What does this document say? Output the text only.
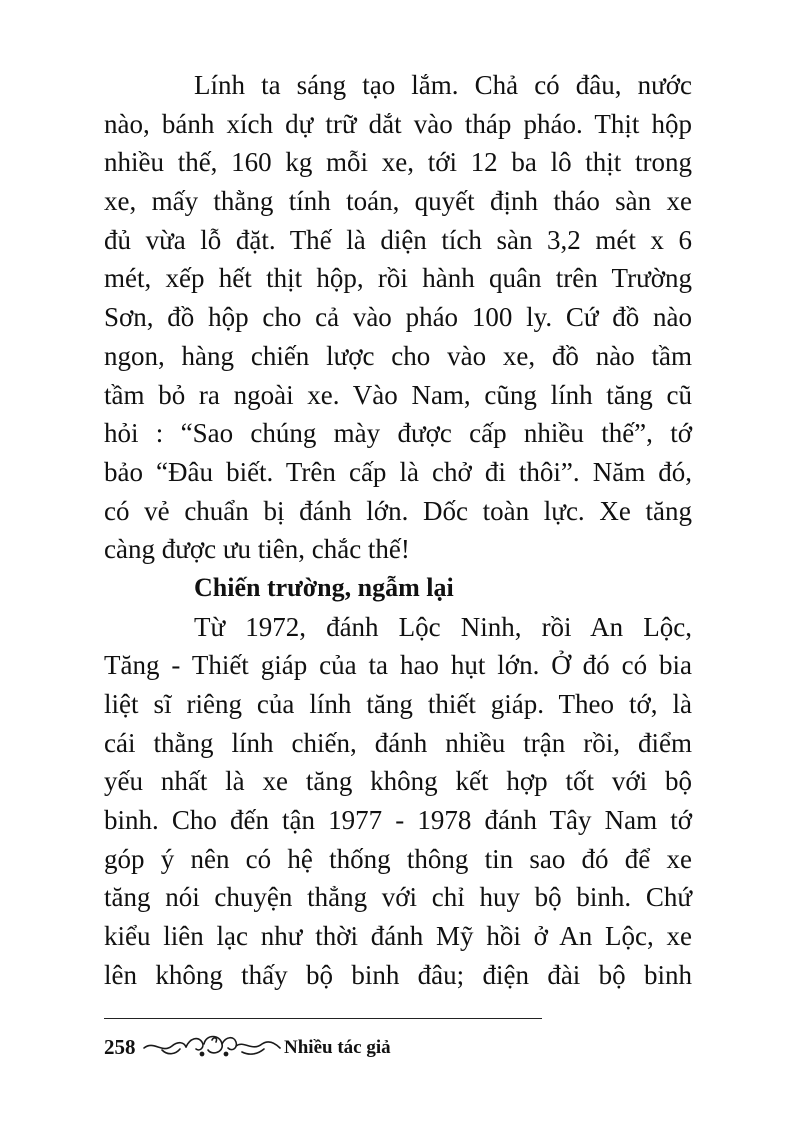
Lính ta sáng tạo lắm. Chả có đâu, nước
nào, bánh xích dự trữ dắt vào tháp pháo. Thịt hộp
nhiều thế, 160 kg mỗi xe, tới 12 ba lô thịt trong
xe, mấy thằng tính toán, quyết định tháo sàn xe
đủ vừa lỗ đặt. Thế là diện tích sàn 3,2 mét x 6
mét, xếp hết thịt hộp, rồi hành quân trên Trường
Sơn, đồ hộp cho cả vào pháo 100 ly. Cứ đồ nào
ngon, hàng chiến lược cho vào xe, đồ nào tầm
tầm bỏ ra ngoài xe. Vào Nam, cũng lính tăng cũ
hỏi : “Sao chúng mày được cấp nhiều thế”, tớ
bảo “Đâu biết. Trên cấp là chở đi thôi”. Năm đó,
có vẻ chuẩn bị đánh lớn. Dốc toàn lực. Xe tăng
càng được ưu tiên, chắc thế!
Chiến trường, ngẫm lại
Từ 1972, đánh Lộc Ninh, rồi An Lộc,
Tăng - Thiết giáp của ta hao hụt lớn. Ở đó có bia
liệt sĩ riêng của lính tăng thiết giáp. Theo tớ, là
cái thằng lính chiến, đánh nhiều trận rồi, điểm
yếu nhất là xe tăng không kết hợp tốt với bộ
binh. Cho đến tận 1977 - 1978 đánh Tây Nam tớ
góp ý nên có hệ thống thông tin sao đó để xe
tăng nói chuyện thẳng với chỉ huy bộ binh. Chứ
kiểu liên lạc như thời đánh Mỹ hồi ở An Lộc, xe
lên không thấy bộ binh đâu; điện đài bộ binh
258	Nhiều tác giả
